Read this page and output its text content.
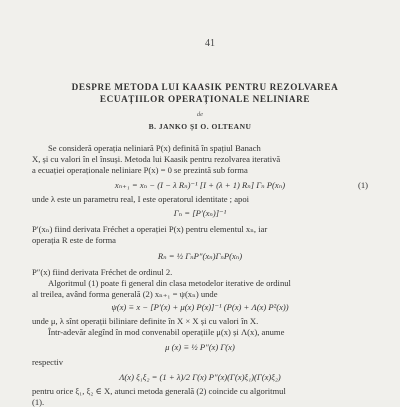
41
DESPRE METODA LUI KAASIK PENTRU REZOLVAREA
ECUAȚIILOR OPERAȚIONALE NELINIARE
de
B. JANKO ȘI O. OLTEANU
Se consideră operația neliniară P(x) definită în spațiul Banach
X, și cu valori în el însuși. Metoda lui Kaasik pentru rezolvarea iterativă
a ecuației operaționale neliniare P(x) = 0 se prezintă sub forma
xₙ₊₁ = xₙ − (I − λ Rₙ)⁻¹ [I + (λ + 1) Rₙ] Γₙ P(xₙ)	(1)
unde λ este un parametru real, I este operatorul identitate ; apoi
Γₙ = [P′(xₙ)]⁻¹
P′(xₙ) fiind derivata Fréchet a operației P(x) pentru elementul xₙ, iar
operația R este de forma
Rₙ = ½ ΓₙP″(xₙ)ΓₙP(xₙ)
P″(x) fiind derivata Fréchet de ordinul 2.
Algoritmul (1) poate fi general din clasa metodelor iterative de ordinul
al treilea, având forma generală (2) xₙ₊₁ = ψ(xₙ) unde
ψ(x) ≡ x − [P′(x) + μ(x) P(x)]⁻¹ (P(x) + Λ(x) P²(x))
unde μ, λ sînt operații biliniare definite în X × X și cu valori în X.
Într-adevăr alegînd în mod convenabil operațiile μ(x) și Λ(x), anume
μ (x) ≡ ½ P″(x) Γ(x)
respectiv
Λ(x) ξ₁ξ₂ = (1 + λ)/2 Γ(x) P″(x)(Γ(x)ξ₁)(Γ(x)ξ₂)
pentru orice ξ₁, ξ₂ ∈ X, atunci metoda generală (2) coincide cu algoritmul
(1).
